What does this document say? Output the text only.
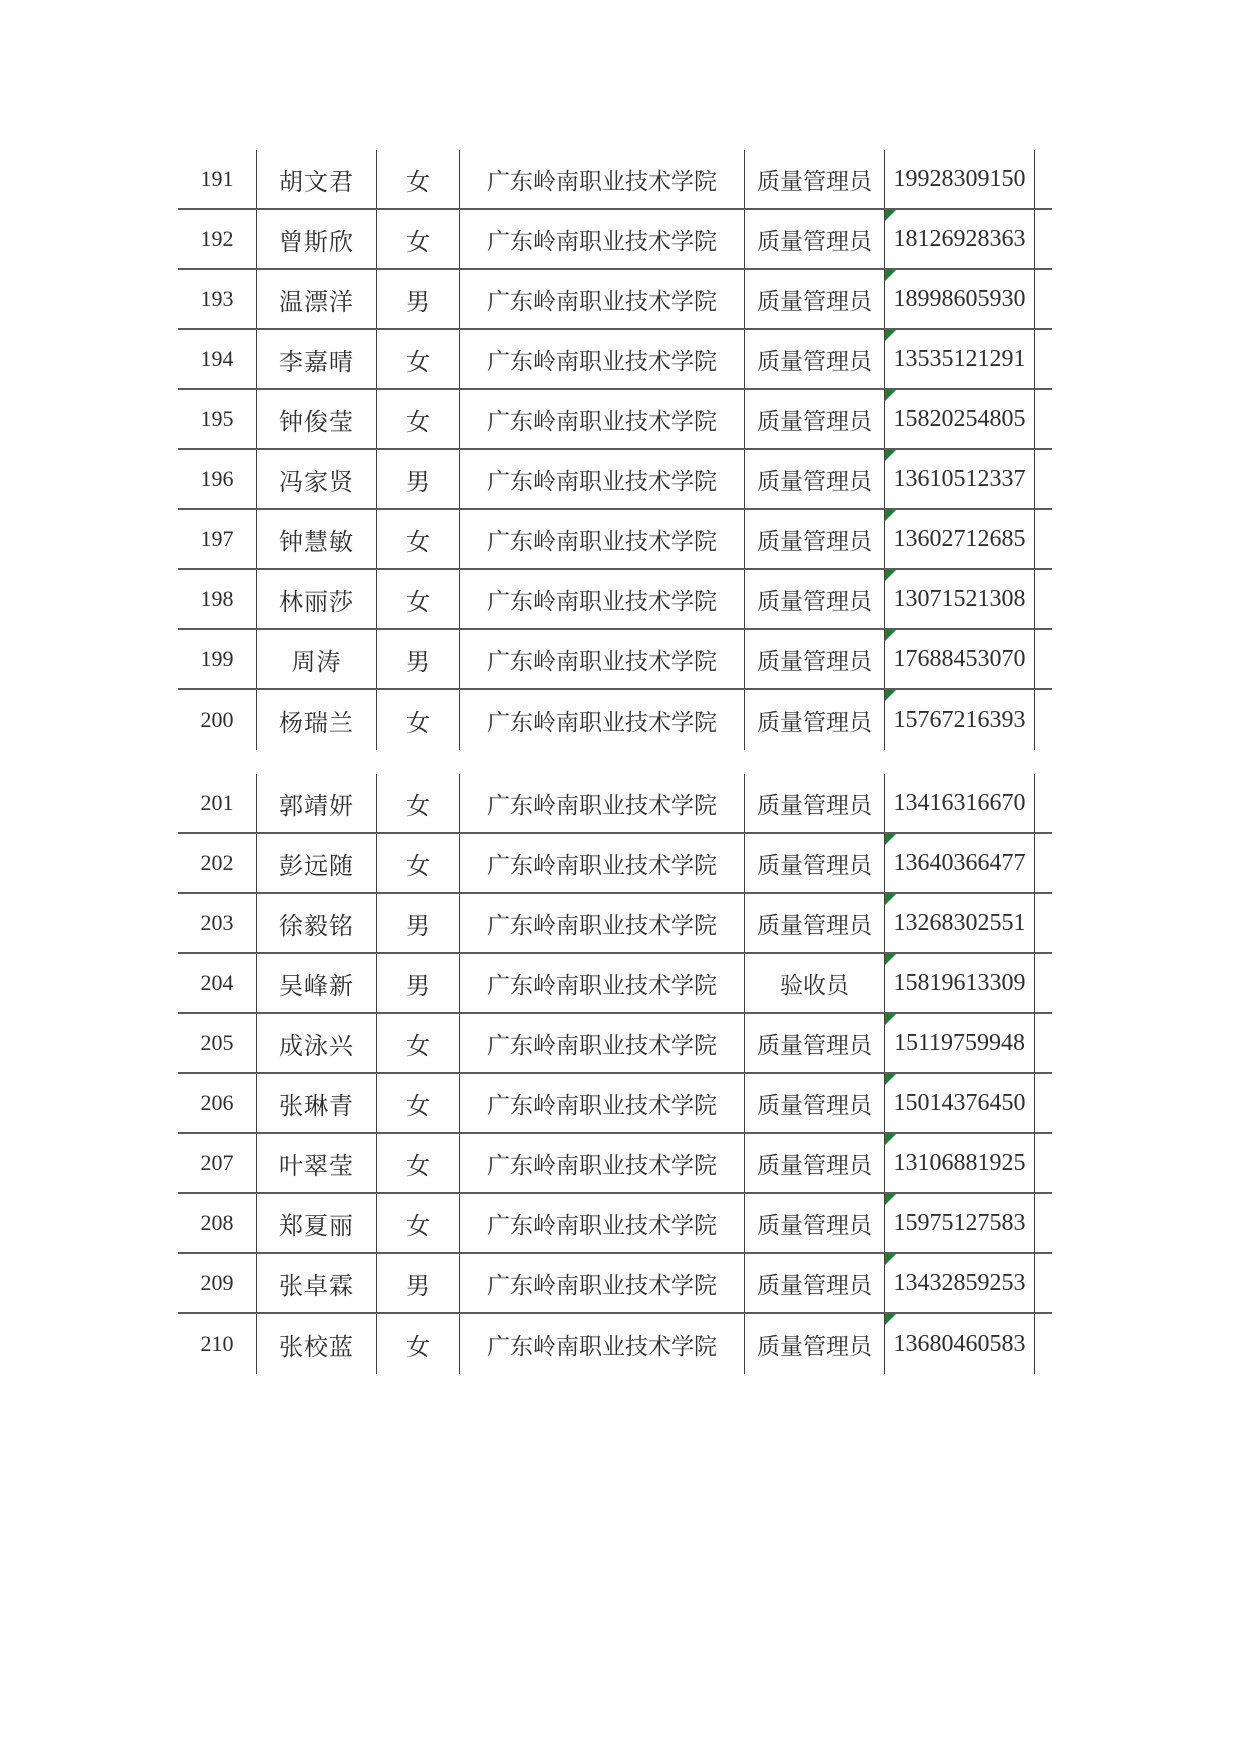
191	胡文君	女	广东岭南职业技术学院	质量管理员 19928309150
192	曾斯欣	女	广东岭南职业技术学院	质量管理员 18126928363
193	温漂洋	男	广东岭南职业技术学院	质量管理员 18998605930
194	李嘉晴	女	广东岭南职业技术学院	质量管理员 13535121291
195	钟俊莹	女	广东岭南职业技术学院	质量管理员 15820254805
196	冯家贤	男	广东岭南职业技术学院	质量管理员 13610512337
197	钟慧敏	女	广东岭南职业技术学院	质量管理员 13602712685
198	林丽莎	女	广东岭南职业技术学院	质量管理员 13071521308
199	周涛	男	广东岭南职业技术学院	质量管理员 17688453070
200	杨瑞兰	女	广东岭南职业技术学院	质量管理员 15767216393
201	郭靖妍	女	广东岭南职业技术学院	质量管理员 13416316670
202	彭远随	女	广东岭南职业技术学院	质量管理员 13640366477
203	徐毅铭	男	广东岭南职业技术学院	质量管理员 13268302551
204	吴峰新	男	广东岭南职业技术学院	验收员	15819613309
205	成泳兴	女	广东岭南职业技术学院	质量管理员 15119759948
206	张琳青	女	广东岭南职业技术学院	质量管理员 15014376450
207	叶翠莹	女	广东岭南职业技术学院	质量管理员 13106881925
208	郑夏丽	女	广东岭南职业技术学院	质量管理员 15975127583
209	张卓霖	男	广东岭南职业技术学院	质量管理员 13432859253
210	张校蓝	女	广东岭南职业技术学院	质量管理员 13680460583
